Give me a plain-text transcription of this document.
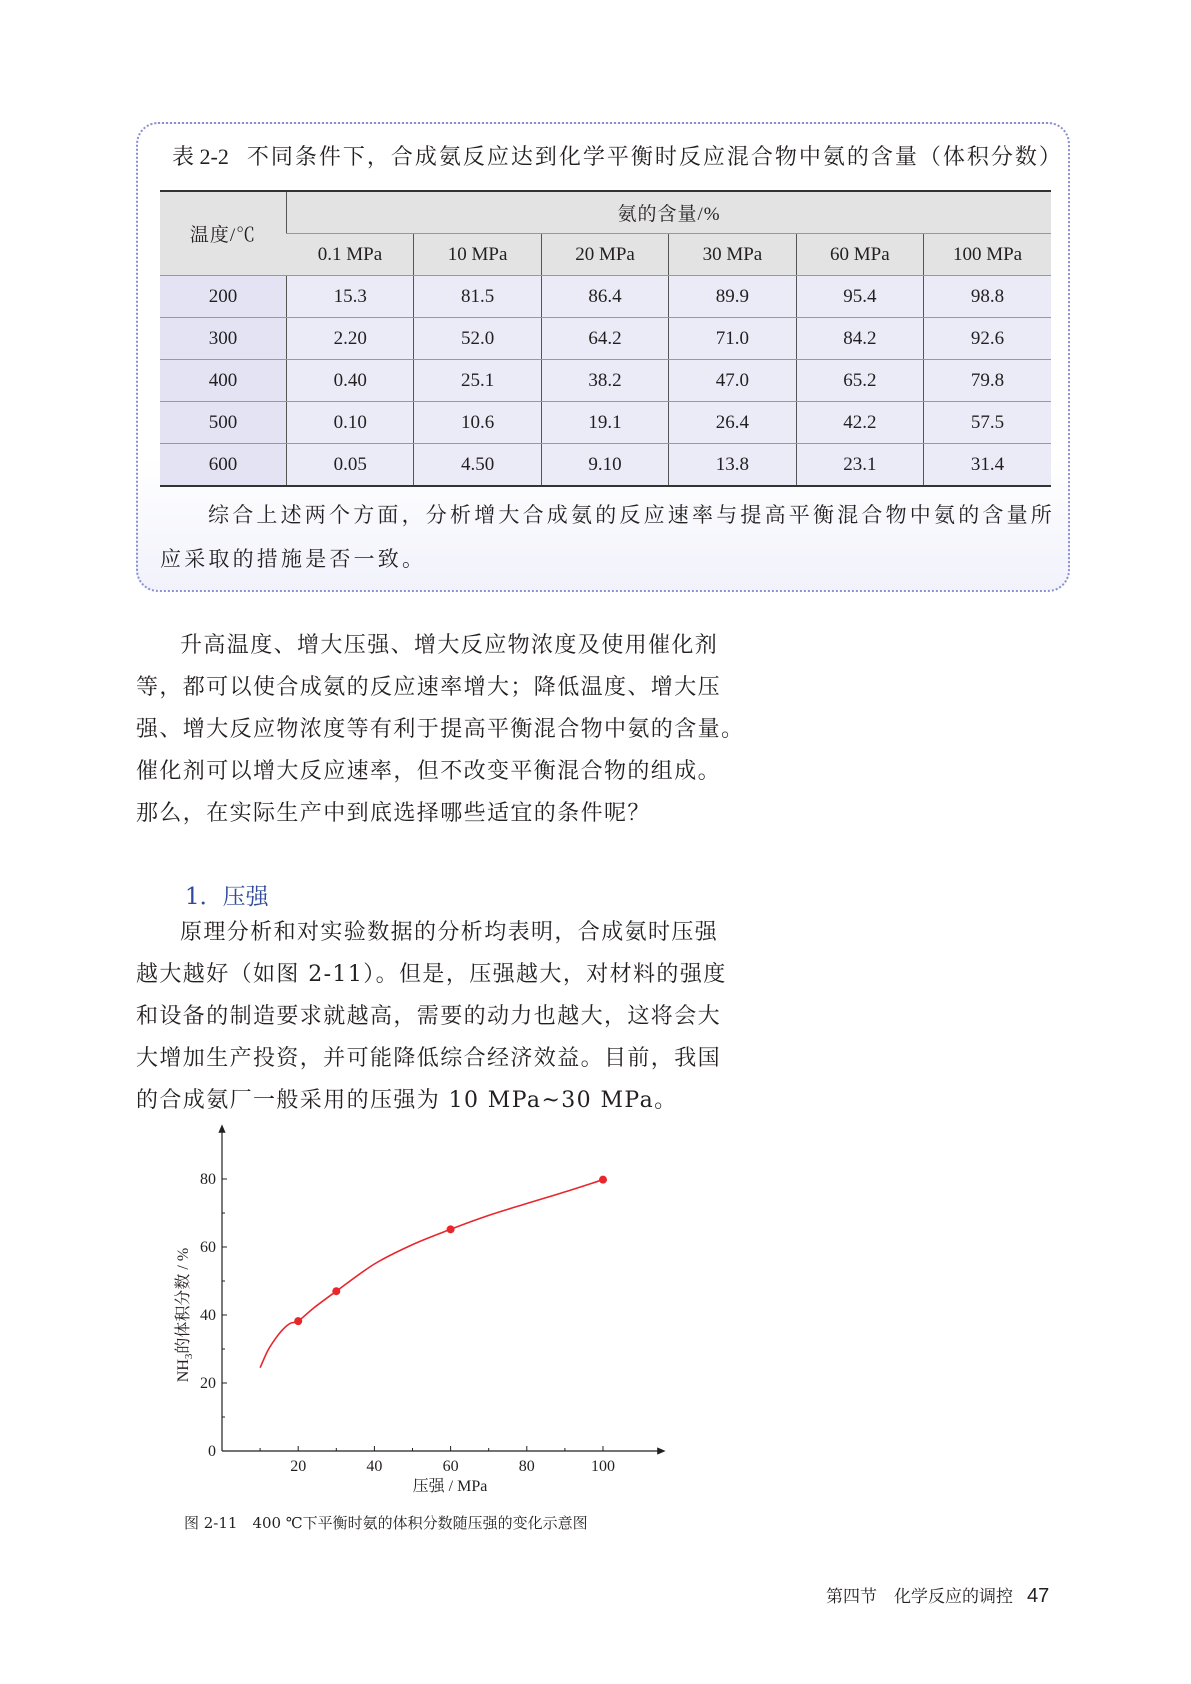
表 2-2 不同条件下，合成氨反应达到化学平衡时反应混合物中氨的含量（体积分数）
温度/℃	氨的含量/%					
	0.1 MPa	10 MPa	20 MPa	30 MPa	60 MPa	100 MPa
200	15.3	81.5	86.4	89.9	95.4	98.8
300	2.20	52.0	64.2	71.0	84.2	92.6
400	0.40	25.1	38.2	47.0	65.2	79.8
500	0.10	10.6	19.1	26.4	42.2	57.5
600	0.05	4.50	9.10	13.8	23.1	31.4
综合上述两个方面，分析增大合成氨的反应速率与提高平衡混合物中氨的含量所
应采取的措施是否一致。
升高温度、增大压强、增大反应物浓度及使用催化剂
等，都可以使合成氨的反应速率增大；降低温度、增大压
强、增大反应物浓度等有利于提高平衡混合物中氨的含量。
催化剂可以增大反应速率，但不改变平衡混合物的组成。
那么，在实际生产中到底选择哪些适宜的条件呢？
1．压强
原理分析和对实验数据的分析均表明，合成氨时压强
越大越好（如图 2-11）。但是，压强越大，对材料的强度
和设备的制造要求就越高，需要的动力也越大，这将会大
大增加生产投资，并可能降低综合经济效益。目前，我国
的合成氨厂一般采用的压强为 10 MPa~30 MPa。
20	40	60	80	100
0
20
40
60
80
压强 / MPa
$NH_3$的体积分数 / %
图 2-11　400 ℃下平衡时氨的体积分数随压强的变化示意图
第四节　化学反应的调控 47
